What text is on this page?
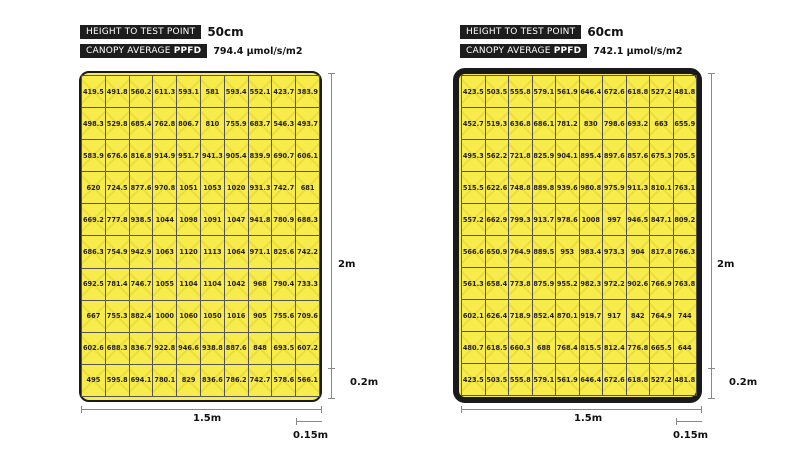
HEIGHT TO TEST POINT	50cm
CANOPY AVERAGE PPFD	794.4 µmol/s/m2
419.5 491.8 560.2 611.3 593.1 581 593.4 552.1 423.7 383.9
498.3 529.8 685.4 762.8 806.7 810 755.9 683.7 546.3 493.7
583.9 676.6 816.8 914.9 951.7 941.3 905.4 839.9 690.7 606.1
620 724.5 877.6 970.8 1051 1053 1020 931.3 742.7 681
669.2 777.8 938.5 1044 1098 1091 1047 941.8 780.9 688.3
686.3 754.9 942.9 1063 1120 1113 1064 971.1 825.6 742.2
692.5 781.4 746.7 1055 1104 1104 1042	968 790.4 733.3
667 755.3 882.4 1000 1060 1050 1016	905 755.6 709.6
602.6 688.3 836.7 922.8 946.6 938.8 887.6 848 693.5 607.2
495 595.8 694.1 780.1 829 836.6 786.2 742.7 578.6 566.1
2m
0.2m
1.5m
0.15m
HEIGHT TO TEST POINT	60cm
CANOPY AVERAGE PPFD	742.1 µmol/s/m2
423.5 503.5 555.8 579.1 561.9 646.4 672.6 618.8 527.2 481.8
452.7 519.3 636.8 686.1 781.2 830 798.6 693.2 663 655.9
495.3 562.2 721.8 825.9 904.1 895.4 897.6 857.6 675.3 705.5
515.5 622.6 748.8 889.8 939.6 980.8 975.9 911.3 810.1 763.1
557.2 662.9 799.3 913.7 978.6 1008	997 946.5 847.1 809.2
566.6 650.9 764.9 889.5 953 983.4 973.3 904 817.8 766.3
561.3 658.4 773.8 875.9 955.2 982.3 972.2 902.6 766.9 763.8
602.1 626.4 718.9 852.4 870.1 919.7 917	842 764.9 744
480.7 618.5 660.3 688 768.4 815.5 812.4 776.8 665.5 644
423.5 503.5 555.8 579.1 561.9 646.4 672.6 618.8 527.2 481.8
2m
0.2m
1.5m
0.15m
